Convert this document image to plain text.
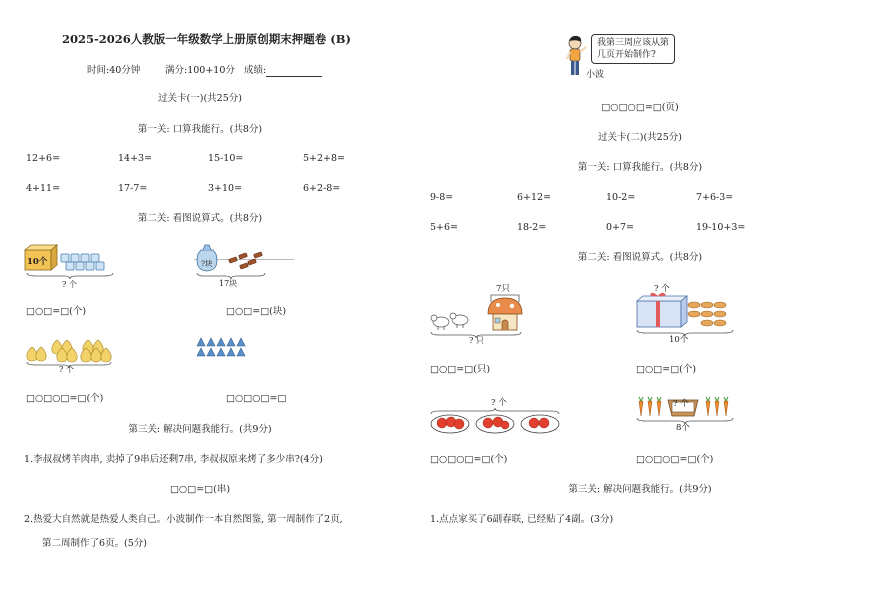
2025-2026人教版一年级数学上册原创期末押题卷 (B)
时间:40分钟	满分:100+10分 成绩:
过关卡(一)(共25分)
第一关: 口算我能行。(共8分)
12+6=	14+3=	15-10=	5+2+8=
4+11=	17-7=	3+10=	6+2-8=
第二关: 看图说算式。(共8分)
10个
? 个
□○□=□(个)
?块
17块
□○□=□(块)
? 个
□○□○□=□(个)	□○□○□=□
第三关: 解决问题我能行。(共9分)
1.李叔叔烤羊肉串, 卖掉了9串后还剩7串, 李叔叔原来烤了多少串?(4分)
□○□=□(串)
2.热爱大自然就是热爱人类自己。小波制作一本自然图鉴, 第一周制作了2页,
第二周制作了6页。(5分)
我第三周应该从第
几页开始制作?
小波
□○□○□=□(页)
过关卡(二)(共25分)
第一关: 口算我能行。(共8分)
9-8=	6+12=	10-2=	7+6-3=
5+6=	18-2=	0+7=	19-10+3=
第二关: 看图说算式。(共8分)
7只
? 只
□○□=□(只)
? 个
10个
□○□=□(个)
? 个
□○□○□=□(个)
? 个
8个
□○□○□=□(个)
第三关: 解决问题我能行。(共9分)
1.点点家买了6副春联, 已经贴了4副。(3分)
